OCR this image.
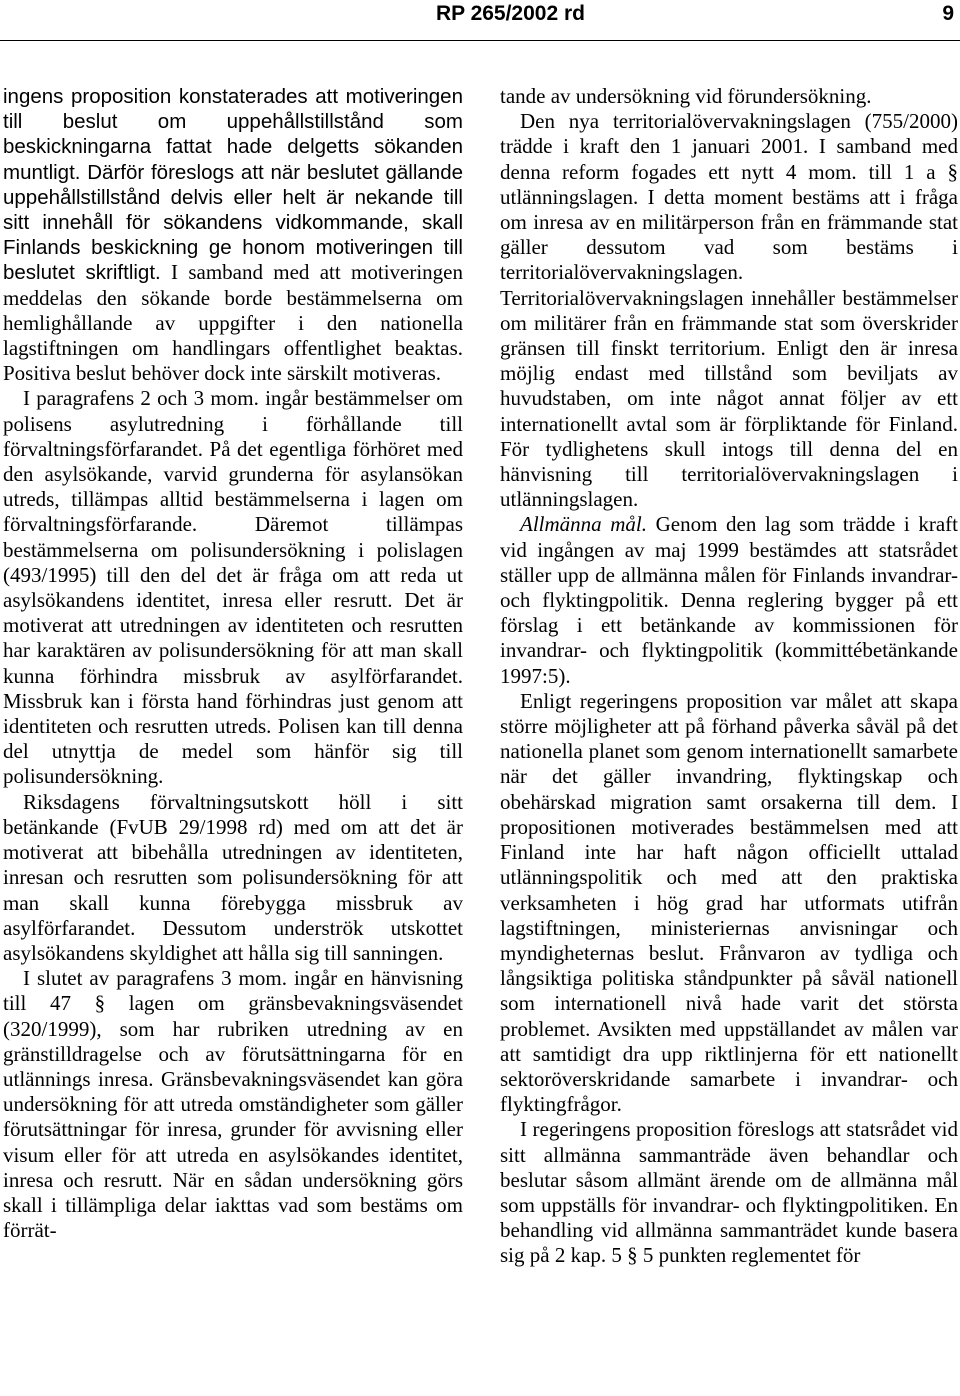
RP 265/2002 rd	9

ingens proposition konstaterades att motiveringen till beslut om uppehållstillstånd som beskickningarna fattat hade delgetts sökanden muntligt. Därför föreslogs att när beslutet gällande uppehållstillstånd delvis eller helt är nekande till sitt innehåll för sökandens vidkommande, skall Finlands beskickning ge honom motiveringen till beslutet skriftligt. I samband med att motiveringen meddelas den sökande borde bestämmelserna om hemlighållande av uppgifter i den nationella lagstiftningen om handlingars offentlighet beaktas. Positiva beslut behöver dock inte särskilt motiveras.

I paragrafens 2 och 3 mom. ingår bestämmelser om polisens asylutredning i förhållande till förvaltningsförfarandet. På det egentliga förhöret med den asylsökande, varvid grunderna för asylansökan utreds, tillämpas alltid bestämmelserna i lagen om förvaltningsförfarande. Däremot tillämpas bestämmelserna om polisundersökning i polislagen (493/1995) till den del det är fråga om att reda ut asylsökandens identitet, inresa eller resrutt. Det är motiverat att utredningen av identiteten och resrutten har karaktären av polisundersökning för att man skall kunna förhindra missbruk av asylförfarandet. Missbruk kan i första hand förhindras just genom att identiteten och resrutten utreds. Polisen kan till denna del utnyttja de medel som hänför sig till polisundersökning.

Riksdagens förvaltningsutskott höll i sitt betänkande (FvUB 29/1998 rd) med om att det är motiverat att bibehålla utredningen av identiteten, inresan och resrutten som polisundersökning för att man skall kunna förebygga missbruk av asylförfarandet. Dessutom underströk utskottet asylsökandens skyldighet att hålla sig till sanningen.

I slutet av paragrafens 3 mom. ingår en hänvisning till 47 § lagen om gränsbevakningsväsendet (320/1999), som har rubriken utredning av en gränstilldragelse och av förutsättningarna för en utlännings inresa. Gränsbevakningsväsendet kan göra undersökning för att utreda omständigheter som gäller förutsättningar för inresa, grunder för avvisning eller visum eller för att utreda en asylsökandes identitet, inresa och resrutt. När en sådan undersökning görs skall i tillämpliga delar iakttas vad som bestäms om förrät-

tande av undersökning vid förundersökning.

Den nya territorialövervakningslagen (755/2000) trädde i kraft den 1 januari 2001. I samband med denna reform fogades ett nytt 4 mom. till 1 a § utlänningslagen. I detta moment bestäms att i fråga om inresa av en militärperson från en främmande stat gäller dessutom vad som bestäms i territorialövervakningslagen. Territorialövervakningslagen innehåller bestämmelser om militärer från en främmande stat som överskrider gränsen till finskt territorium. Enligt den är inresa möjlig endast med tillstånd som beviljats av huvudstaben, om inte något annat följer av ett internationellt avtal som är förpliktande för Finland. För tydlighetens skull intogs till denna del en hänvisning till territorialövervakningslagen i utlänningslagen.

Allmänna mål. Genom den lag som trädde i kraft vid ingången av maj 1999 bestämdes att statsrådet ställer upp de allmänna målen för Finlands invandrar- och flyktingpolitik. Denna reglering bygger på ett förslag i ett betänkande av kommissionen för invandrar- och flyktingpolitik (kommittébetänkande 1997:5).

Enligt regeringens proposition var målet att skapa större möjligheter att på förhand påverka såväl på det nationella planet som genom internationellt samarbete när det gäller invandring, flyktingskap och obehärskad migration samt orsakerna till dem. I propositionen motiverades bestämmelsen med att Finland inte har haft någon officiellt uttalad utlänningspolitik och med att den praktiska verksamheten i hög grad har utformats utifrån lagstiftningen, ministeriernas anvisningar och myndigheternas beslut. Frånvaron av tydliga och långsiktiga politiska ståndpunkter på såväl nationell som internationell nivå hade varit det största problemet. Avsikten med uppställandet av målen var att samtidigt dra upp riktlinjerna för ett nationellt sektoröverskridande samarbete i invandrar- och flyktingfrågor.

I regeringens proposition föreslogs att statsrådet vid sitt allmänna sammanträde även behandlar och beslutar såsom allmänt ärende om de allmänna mål som uppställs för invandrar- och flyktingpolitiken. En behandling vid allmänna sammanträdet kunde basera sig på 2 kap. 5 § 5 punkten reglementet för
